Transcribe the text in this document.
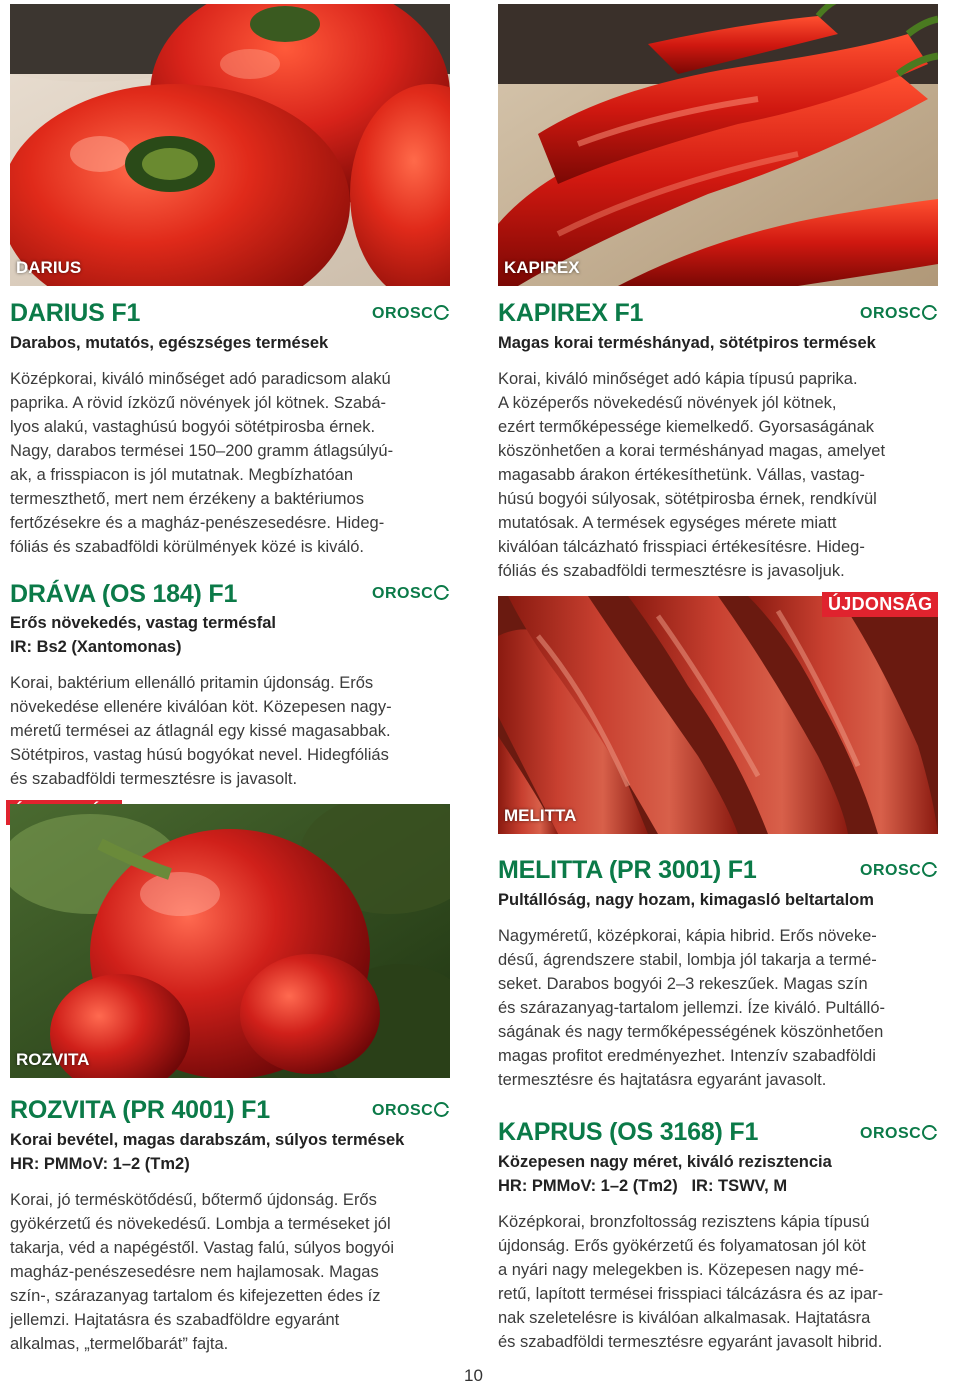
DARIUS	KAPIREX
DARIUS F1	OROSC
Darabos, mutatós, egészséges termések
Középkorai, kiváló minőséget adó paradicsom alakú
paprika. A rövid ízközű növények jól kötnek. Szabá-
lyos alakú, vastaghúsú bogyói sötétpirosba érnek.
Nagy, darabos termései 150–200 gramm átlagsúlyú-
ak, a frisspiacon is jól mutatnak. Megbízhatóan
termeszthető, mert nem érzékeny a baktériumos
fertőzésekre és a magház-penészesedésre. Hideg-
fóliás és szabadföldi körülmények közé is kiváló.
KAPIREX F1	OROSC
Magas korai terméshányad, sötétpiros termések
Korai, kiváló minőséget adó kápia típusú paprika.
A középerős növekedésű növények jól kötnek,
ezért termőképessége kiemelkedő. Gyorsaságának
köszönhetően a korai terméshányad magas, amelyet
magasabb árakon értékesíthetünk. Vállas, vastag-
húsú bogyói súlyosak, sötétpirosba érnek, rendkívül
mutatósak. A termések egységes mérete miatt
kiválóan tálcázható frisspiaci értékesítésre. Hideg-
fóliás és szabadföldi termesztésre is javasoljuk.
DRÁVA (OS 184) F1	OROSC
Erős növekedés, vastag termésfal
IR: Bs2 (Xantomonas)
Korai, baktérium ellenálló pritamin újdonság. Erős
növekedése ellenére kiválóan köt. Közepesen nagy-
méretű termései az átlagnál egy kissé magasabbak.
Sötétpiros, vastag húsú bogyókat nevel. Hidegfóliás
és szabadföldi termesztésre is javasolt.
MELITTA
ÚJDONSÁG
ROZVITA
MELITTA (PR 3001) F1	OROSC
Pultállóság, nagy hozam, kimagasló beltartalom
Nagyméretű, középkorai, kápia hibrid. Erős növeke-
désű, ágrendszere stabil, lombja jól takarja a termé-
seket. Darabos bogyói 2–3 rekeszűek. Magas szín
és szárazanyag-tartalom jellemzi. Íze kiváló. Pultálló-
ságának és nagy termőképességének köszönhetően
magas profitot eredményezhet. Intenzív szabadföldi
termesztésre és hajtatásra egyaránt javasolt.
ROZVITA (PR 4001) F1	OROSC
Korai bevétel, magas darabszám, súlyos termések
HR: PMMoV: 1–2 (Tm2)
Korai, jó terméskötődésű, bőtermő újdonság. Erős
gyökérzetű és növekedésű. Lombja a terméseket jól
takarja, véd a napégéstől. Vastag falú, súlyos bogyói
magház-penészesedésre nem hajlamosak. Magas
szín-, szárazanyag tartalom és kifejezetten édes íz
jellemzi. Hajtatásra és szabadföldre egyaránt
alkalmas, „termelőbarát” fajta.
KAPRUS (OS 3168) F1	OROSC
Közepesen nagy méret, kiváló rezisztencia
HR: PMMoV: 1–2 (Tm2)   IR: TSWV, M
Középkorai, bronzfoltosság rezisztens kápia típusú
újdonság. Erős gyökérzetű és folyamatosan jól köt
a nyári nagy melegekben is. Közepesen nagy mé-
retű, lapított termései frisspiaci tálcázásra és az ipar-
nak szeletelésre is kiválóan alkalmasak. Hajtatásra
és szabadföldi termesztésre egyaránt javasolt hibrid.
10
